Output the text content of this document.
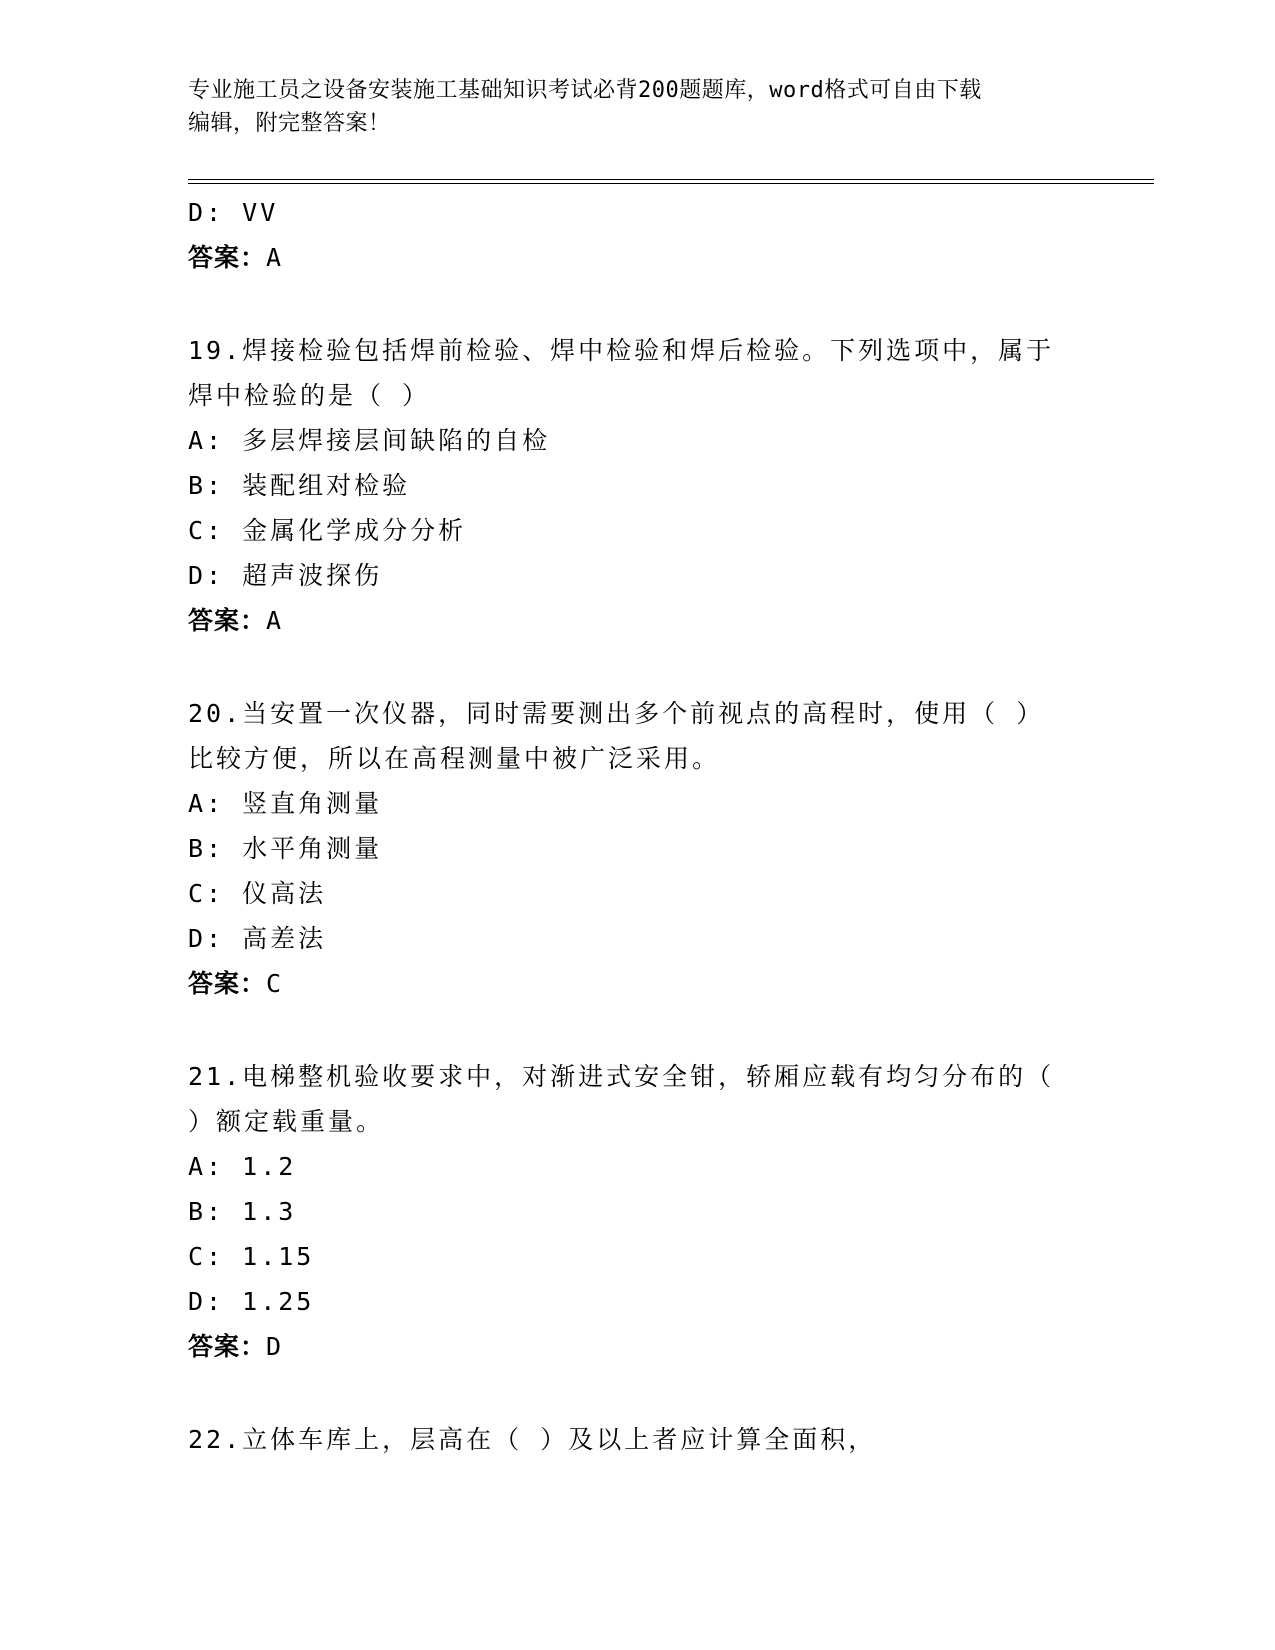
专业施工员之设备安装施工基础知识考试必背200题题库，word格式可自由下载
编辑，附完整答案！
D: VV
答案：A
19.焊接检验包括焊前检验、焊中检验和焊后检验。下列选项中，属于
焊中检验的是（ ）
A: 多层焊接层间缺陷的自检
B: 装配组对检验
C: 金属化学成分分析
D: 超声波探伤
答案：A
20.当安置一次仪器，同时需要测出多个前视点的高程时，使用（ ）
比较方便，所以在高程测量中被广泛采用。
A: 竖直角测量
B: 水平角测量
C: 仪高法
D: 高差法
答案：C
21.电梯整机验收要求中，对渐进式安全钳，轿厢应载有均匀分布的（
）额定载重量。
A: 1.2
B: 1.3
C: 1.15
D: 1.25
答案：D
22.立体车库上，层高在（ ）及以上者应计算全面积，
